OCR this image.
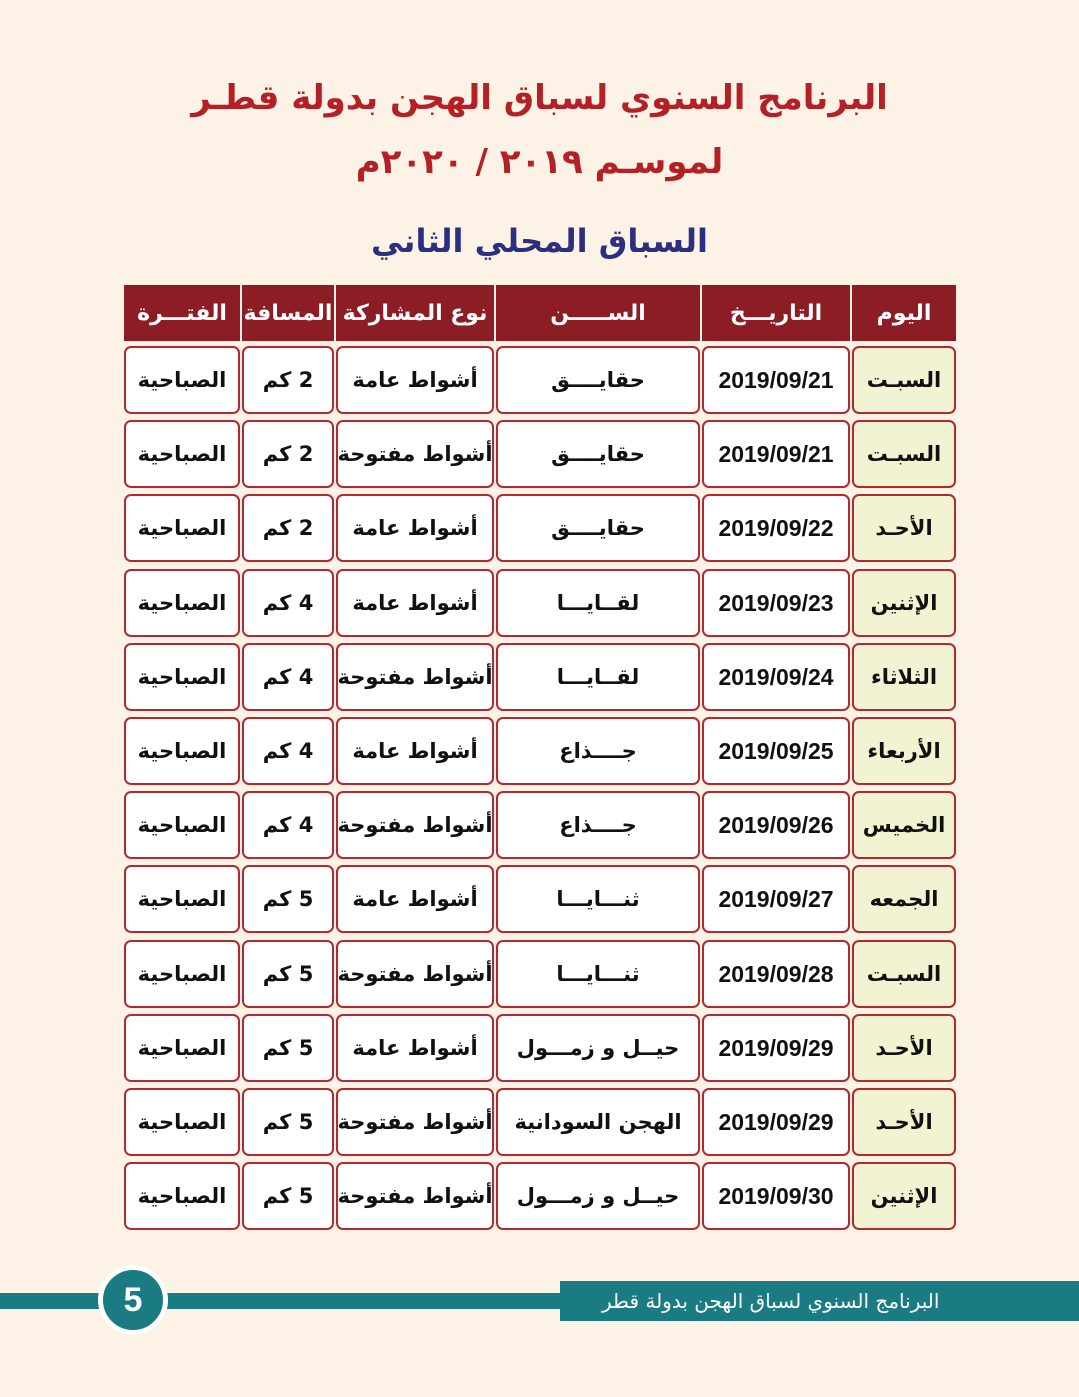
البرنامج السنوي لسباق الهجن بدولة قطـر
لموسـم ٢٠١٩ / ٢٠٢٠م
السباق المحلي الثاني
اليوم
التاريـــخ
الســـــن
نوع المشاركة
المسافة
الفتـــرة
السبـت
2019/09/21
حقايــــق
أشواط عامة
2 كم
الصباحية
السبـت
2019/09/21
حقايــــق
أشواط مفتوحة
2 كم
الصباحية
الأحـد
2019/09/22
حقايــــق
أشواط عامة
2 كم
الصباحية
الإثنين
2019/09/23
لقــايـــا
أشواط عامة
4 كم
الصباحية
الثلاثاء
2019/09/24
لقــايـــا
أشواط مفتوحة
4 كم
الصباحية
الأربعاء
2019/09/25
جــــذاع
أشواط عامة
4 كم
الصباحية
الخميس
2019/09/26
جــــذاع
أشواط مفتوحة
4 كم
الصباحية
الجمعه
2019/09/27
ثنـــايـــا
أشواط عامة
5 كم
الصباحية
السبـت
2019/09/28
ثنـــايـــا
أشواط مفتوحة
5 كم
الصباحية
الأحـد
2019/09/29
حيــل و زمـــول
أشواط عامة
5 كم
الصباحية
الأحـد
2019/09/29
الهجن السودانية
أشواط مفتوحة
5 كم
الصباحية
الإثنين
2019/09/30
حيــل و زمـــول
أشواط مفتوحة
5 كم
الصباحية
البرنامج السنوي لسباق الهجن بدولة قطر
5
